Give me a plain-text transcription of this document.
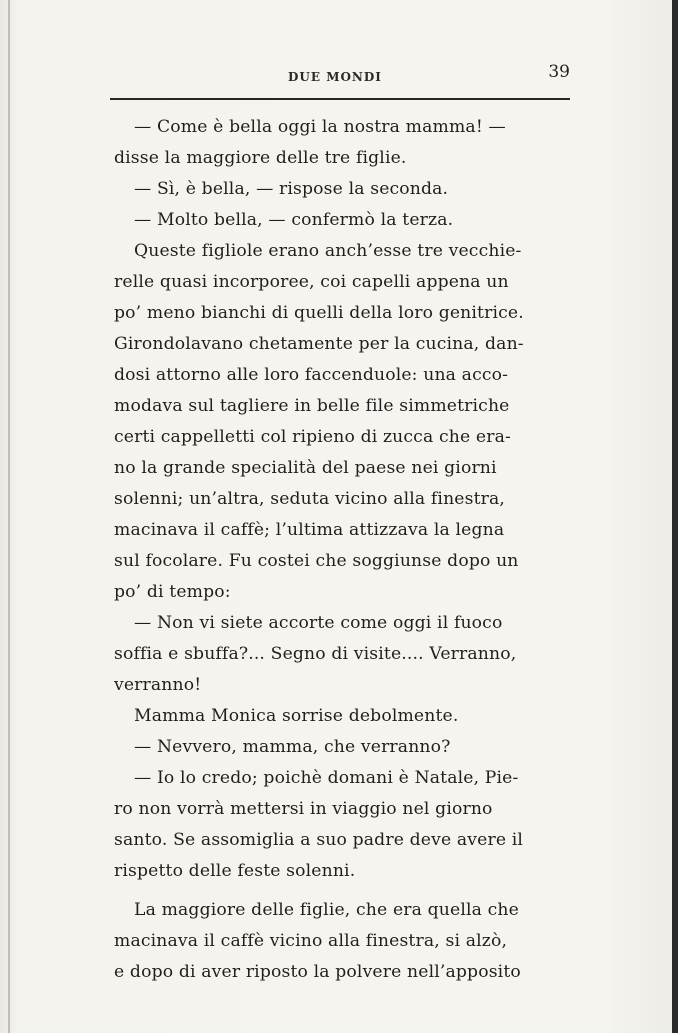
DUE MONDI	39
— Come è bella oggi la nostra mamma! —
disse la maggiore delle tre figlie.
— Sì, è bella, — rispose la seconda.
— Molto bella, — confermò la terza.
Queste figliole erano anch’esse tre vecchie-
relle quasi incorporee, coi capelli appena un
po’ meno bianchi di quelli della loro genitrice.
Girondolavano chetamente per la cucina, dan-
dosi attorno alle loro faccenduole: una acco-
modava sul tagliere in belle file simmetriche
certi cappelletti col ripieno di zucca che era-
no la grande specialità del paese nei giorni
solenni; un’altra, seduta vicino alla finestra,
macinava il caffè; l’ultima attizzava la legna
sul focolare. Fu costei che soggiunse dopo un
po’ di tempo:
— Non vi siete accorte come oggi il fuoco
soffia e sbuffa?... Segno di visite.... Verranno,
verranno!
Mamma Monica sorrise debolmente.
— Nevvero, mamma, che verranno?
— Io lo credo; poichè domani è Natale, Pie-
ro non vorrà mettersi in viaggio nel giorno
santo. Se assomiglia a suo padre deve avere il
rispetto delle feste solenni.
La maggiore delle figlie, che era quella che
macinava il caffè vicino alla finestra, si alzò,
e dopo di aver riposto la polvere nell’apposito
